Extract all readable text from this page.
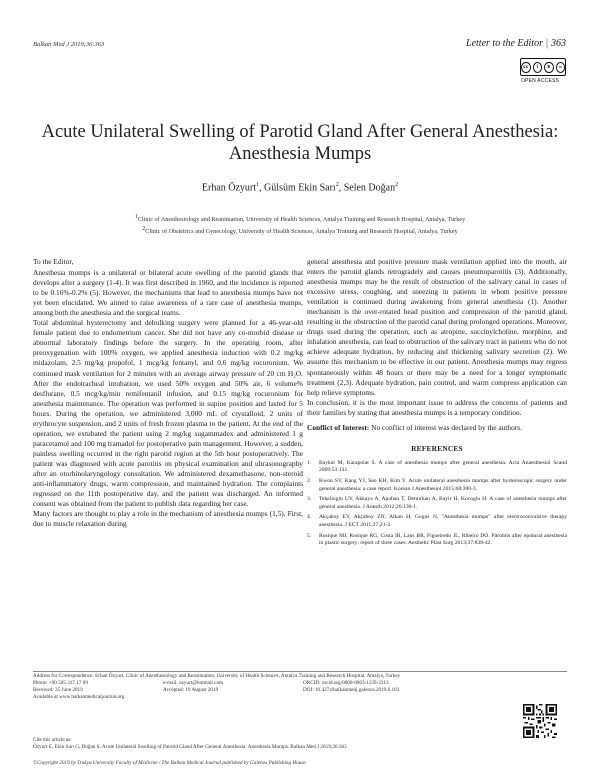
Balkan Med J 2019;36:363	Letter to the Editor | 363
cc	i	$	=
OPEN ACCESS
Acute Unilateral Swelling of Parotid Gland After General Anesthesia:
Anesthesia Mumps
Erhan Özyurt$^1$, Gülsüm Ekin Sarı$^2$, Selen Doğan$^2$
$^1$Clinic of Anesthesiology and Reanimation, University of Health Sciences, Antalya Training and Research Hospital, Antalya, Turkey
$^2$Clinic of Obstetrics and Gynecology, University of Health Sciences, Antalya Training and Research Hospital, Antalya, Turkey

To the Editor,

Anesthesia mumps is a unilateral or bilateral acute swelling of the parotid glands that develops after a surgery (1-4). It was first described in 1960, and the incidence is reported to be 0.16%-0.2% (5). However, the mechanisms that lead to anesthesia mumps have not yet been elucidated. We aimed to raise awareness of a rare case of anesthesia mumps, among both the anesthesia and the surgical teams.

Total abdominal hysterectomy and debulking surgery were planned for a 46-year-old female patient due to endometrium cancer. She did not have any co-morbid disease or abnormal laboratory findings before the surgery. In the operating room, after preoxygenation with 100% oxygen, we applied anesthesia induction with 0.2 mg/kg midazolam, 2.5 mg/kg propofol, 1 mcg/kg fentanyl, and 0.6 mg/kg rocuronium. We continued mask ventilation for 2 minutes with an average airway pressure of 20 cm H₂O. After the endotracheal intubation, we used 50% oxygen and 50% air, 6 volume% desflurane, 0.5 mcg/kg/min remifentanil infusion, and 0.15 mg/kg rocuronium for anesthesia maintenance. The operation was performed in supine position and lasted for 5 hours. During the operation, we administered 3,000 mL of crystalloid, 2 units of erythrocyte suspension, and 2 units of fresh frozen plasma to the patient. At the end of the operation, we extubated the patient using 2 mg/kg sugammadex and administered 1 g paracetamol and 100 mg tramadol for postoperative pain management. However, a sudden, painless swelling occurred in the right parotid region at the 5th hour postoperatively. The patient was diagnosed with acute parotitis on physical examination and ultrasonography after an otorhinolaryngology consultation. We administered dexamethasone, non-steroid anti-inflammatory drugs, warm compression, and maintained hydration. The complaints regressed on the 11th postoperative day, and the patient was discharged. An informed consent was obtained from the patient to publish data regarding her case.

Many factors are thought to play a role in the mechanism of anesthesia mumps (1,5). First, due to muscle relaxation during

general anesthesia and positive pressure mask ventilation applied into the mouth, air enters the parotid glands retrogradely and causes pneumoparotitis (3). Additionally, anesthesia mumps may be the result of obstruction of the salivary canal in cases of excessive stress, coughing, and sneezing in patients in whom positive pressure ventilation is continued during awakening from general anesthesia (1). Another mechanism is the over-rotated head position and compression of the parotid gland, resulting in the obstruction of the parotid canal during prolonged operations. Moreover, drugs used during the operation, such as atropine, succinylcholine, morphine, and inhalation anesthesia, can lead to obstruction of the salivary tract in patients who do not achieve adequate hydration, by reducing and thickening salivary secretion (2). We assume this mechanism to be effective in our patient. Anesthesia mumps may regress spontaneously within 48 hours or there may be a need for a longer symptomatic treatment (2,3). Adequate hydration, pain control, and warm compress application can help relieve symptoms.

In conclusion, it is the most important issue to address the concerns of patients and their families by stating that anesthesia mumps is a temporary condition.

Conflict of Interest: No conflict of interest was declared by the authors.

REFERENCES

1.	Baykal M, Karapolat S. A case of anesthesia mumps after general anesthesia. Acta Anaesthesiol Scand 2009;53:131.
2.	Kwon SY, Kang YJ, Seo KH, Kim Y. Acute unilateral anesthesia mumps after hysteroscopic surgery under general anesthesia: a case report. Korean J Anesthesiol 2015;68:300-3.
3.	Tekelioglu UY, Akkaya A, Apuhan T, Demirhan A, Bayir H, Kocoglu H. A case of anesthesia mumps after general anesthesia. J Anesth 2012;26:130-1.
4.	Akçaboy EY, Akçaboy ZN, Alkan H, Gogus N. "Anesthesia mumps" after electroconvulsive therapy anesthesia. J ECT 2011;27:21-2.
5.	Rosique MJ, Rosique RG, Costa IR, Lans BR, Figueiredo JL, Ribeiro DO. Parotitis after epidural anesthesia in plastic surgery: report of three cases. Aesthetic Plast Surg 2013;37:838-42.
Address for Correspondence: Erhan Özyurt, Clinic of Anesthesiology and Reanimation, University of Health Sciences, Antalya Training and Research Hospital, Antalya, Turkey
Phone: +90 505 317 17 09	e-mail: ozyurt@hotmail.com	ORCID: orcid.org/0000-0003-1139-2313
Received: 25 June 2019	Accepted: 19 August 2019	DOI: 10.4274/balkanmedj.galenos.2019.6.103
Available at www.balkanmedicaljournal.org
Cite this article as:
Özyurt E, Ekin Sarı G, Doğan S. Acute Unilateral Swelling of Parotid Gland After General Anesthesia: Anesthesia Mumps. Balkan Med J 2019;36:363
©Copyright 2019 by Trakya University Faculty of Medicine / The Balkan Medical Journal published by Galenos Publishing House.
